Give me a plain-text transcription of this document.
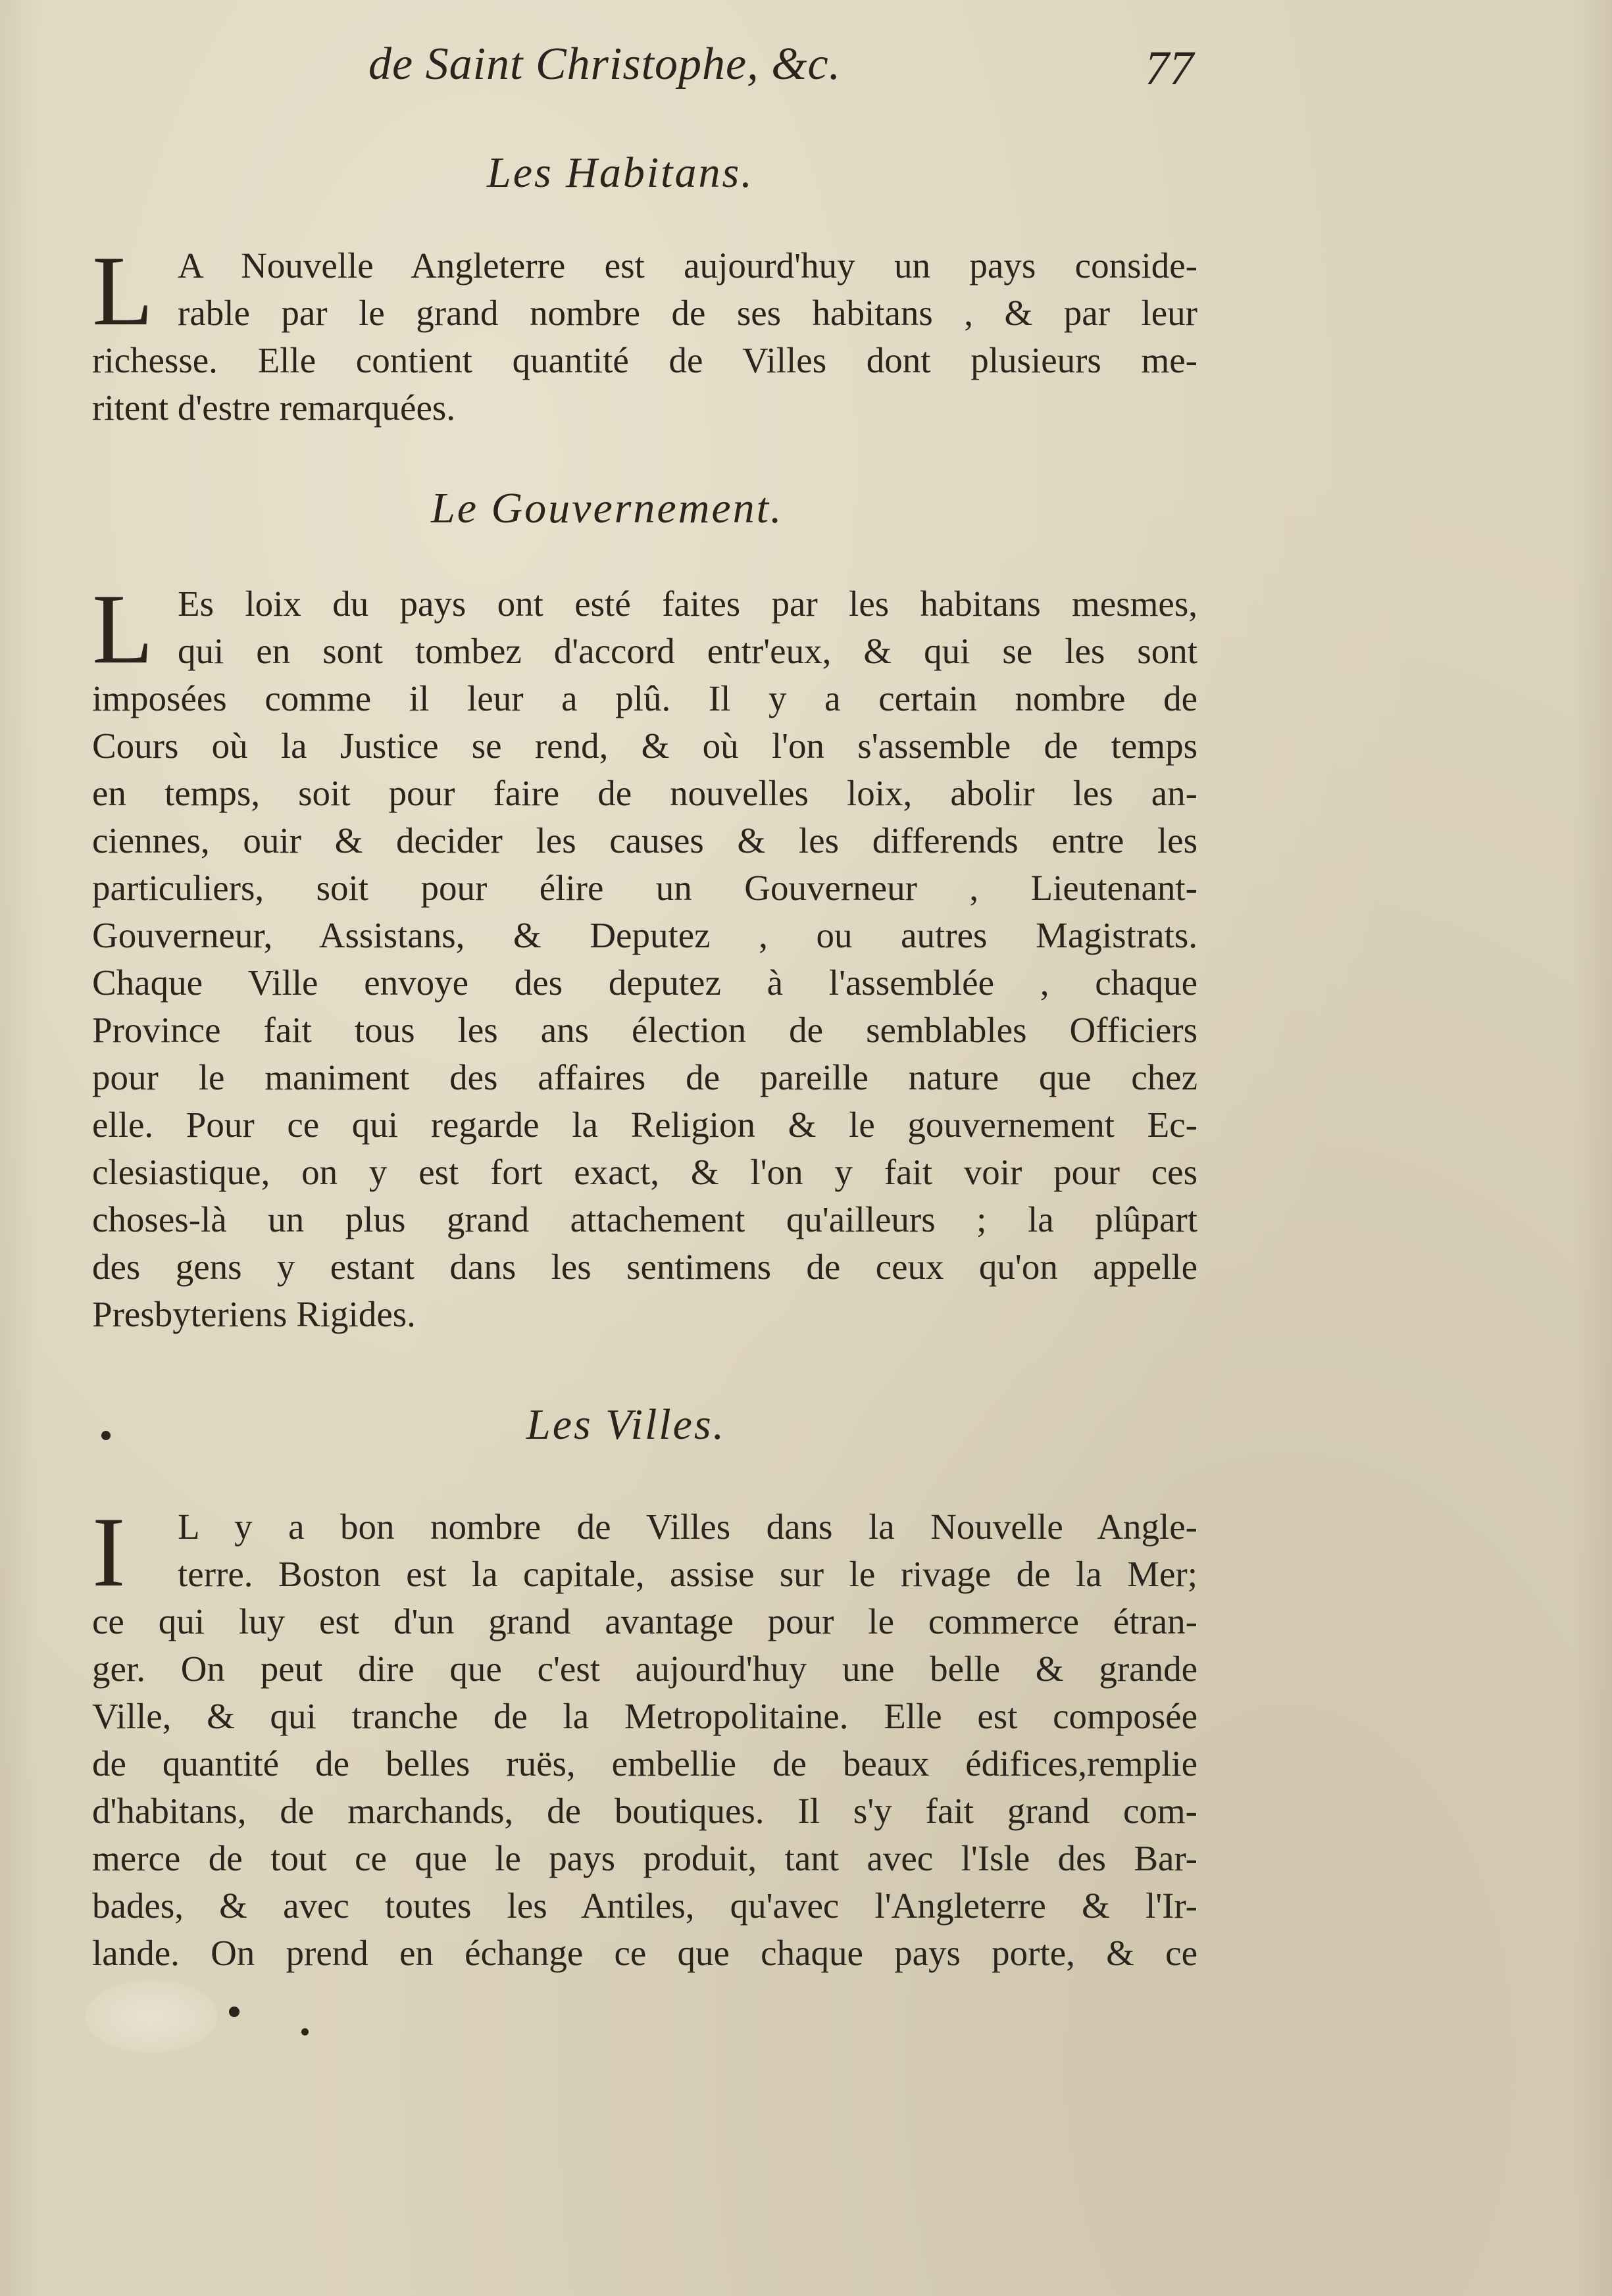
de Saint Christophe, &c.	77
Les Habitans.
L A Nouvelle Angleterre est aujourd'huy un pays conside-
rable par le grand nombre de ses habitans , & par leur
richesse. Elle contient quantité de Villes dont plusieurs me-
ritent d'estre remarquées.
Le Gouvernement.
L Es loix du pays ont esté faites par les habitans mesmes,
qui en sont tombez d'accord entr'eux, & qui se les sont
imposées comme il leur a plû. Il y a certain nombre de
Cours où la Justice se rend, & où l'on s'assemble de temps
en temps, soit pour faire de nouvelles loix, abolir les an-
ciennes, ouir & decider les causes & les differends entre les
particuliers, soit pour élire un Gouverneur , Lieutenant-
Gouverneur, Assistans, & Deputez , ou autres Magistrats.
Chaque Ville envoye des deputez à l'assemblée , chaque
Province fait tous les ans élection de semblables Officiers
pour le maniment des affaires de pareille nature que chez
elle. Pour ce qui regarde la Religion & le gouvernement Ec-
clesiastique, on y est fort exact, & l'on y fait voir pour ces
choses-là un plus grand attachement qu'ailleurs ; la plûpart
des gens y estant dans les sentimens de ceux qu'on appelle
Presbyteriens Rigides.
Les Villes.
I	L y a bon nombre de Villes dans la Nouvelle Angle-
terre. Boston est la capitale, assise sur le rivage de la Mer;
ce qui luy est d'un grand avantage pour le commerce étran-
ger. On peut dire que c'est aujourd'huy une belle & grande
Ville, & qui tranche de la Metropolitaine. Elle est composée
de quantité de belles ruës, embellie de beaux édifices,remplie
d'habitans, de marchands, de boutiques. Il s'y fait grand com-
merce de tout ce que le pays produit, tant avec l'Isle des Bar-
bades, & avec toutes les Antiles, qu'avec l'Angleterre & l'Ir-
lande. On prend en échange ce que chaque pays porte, & ce
